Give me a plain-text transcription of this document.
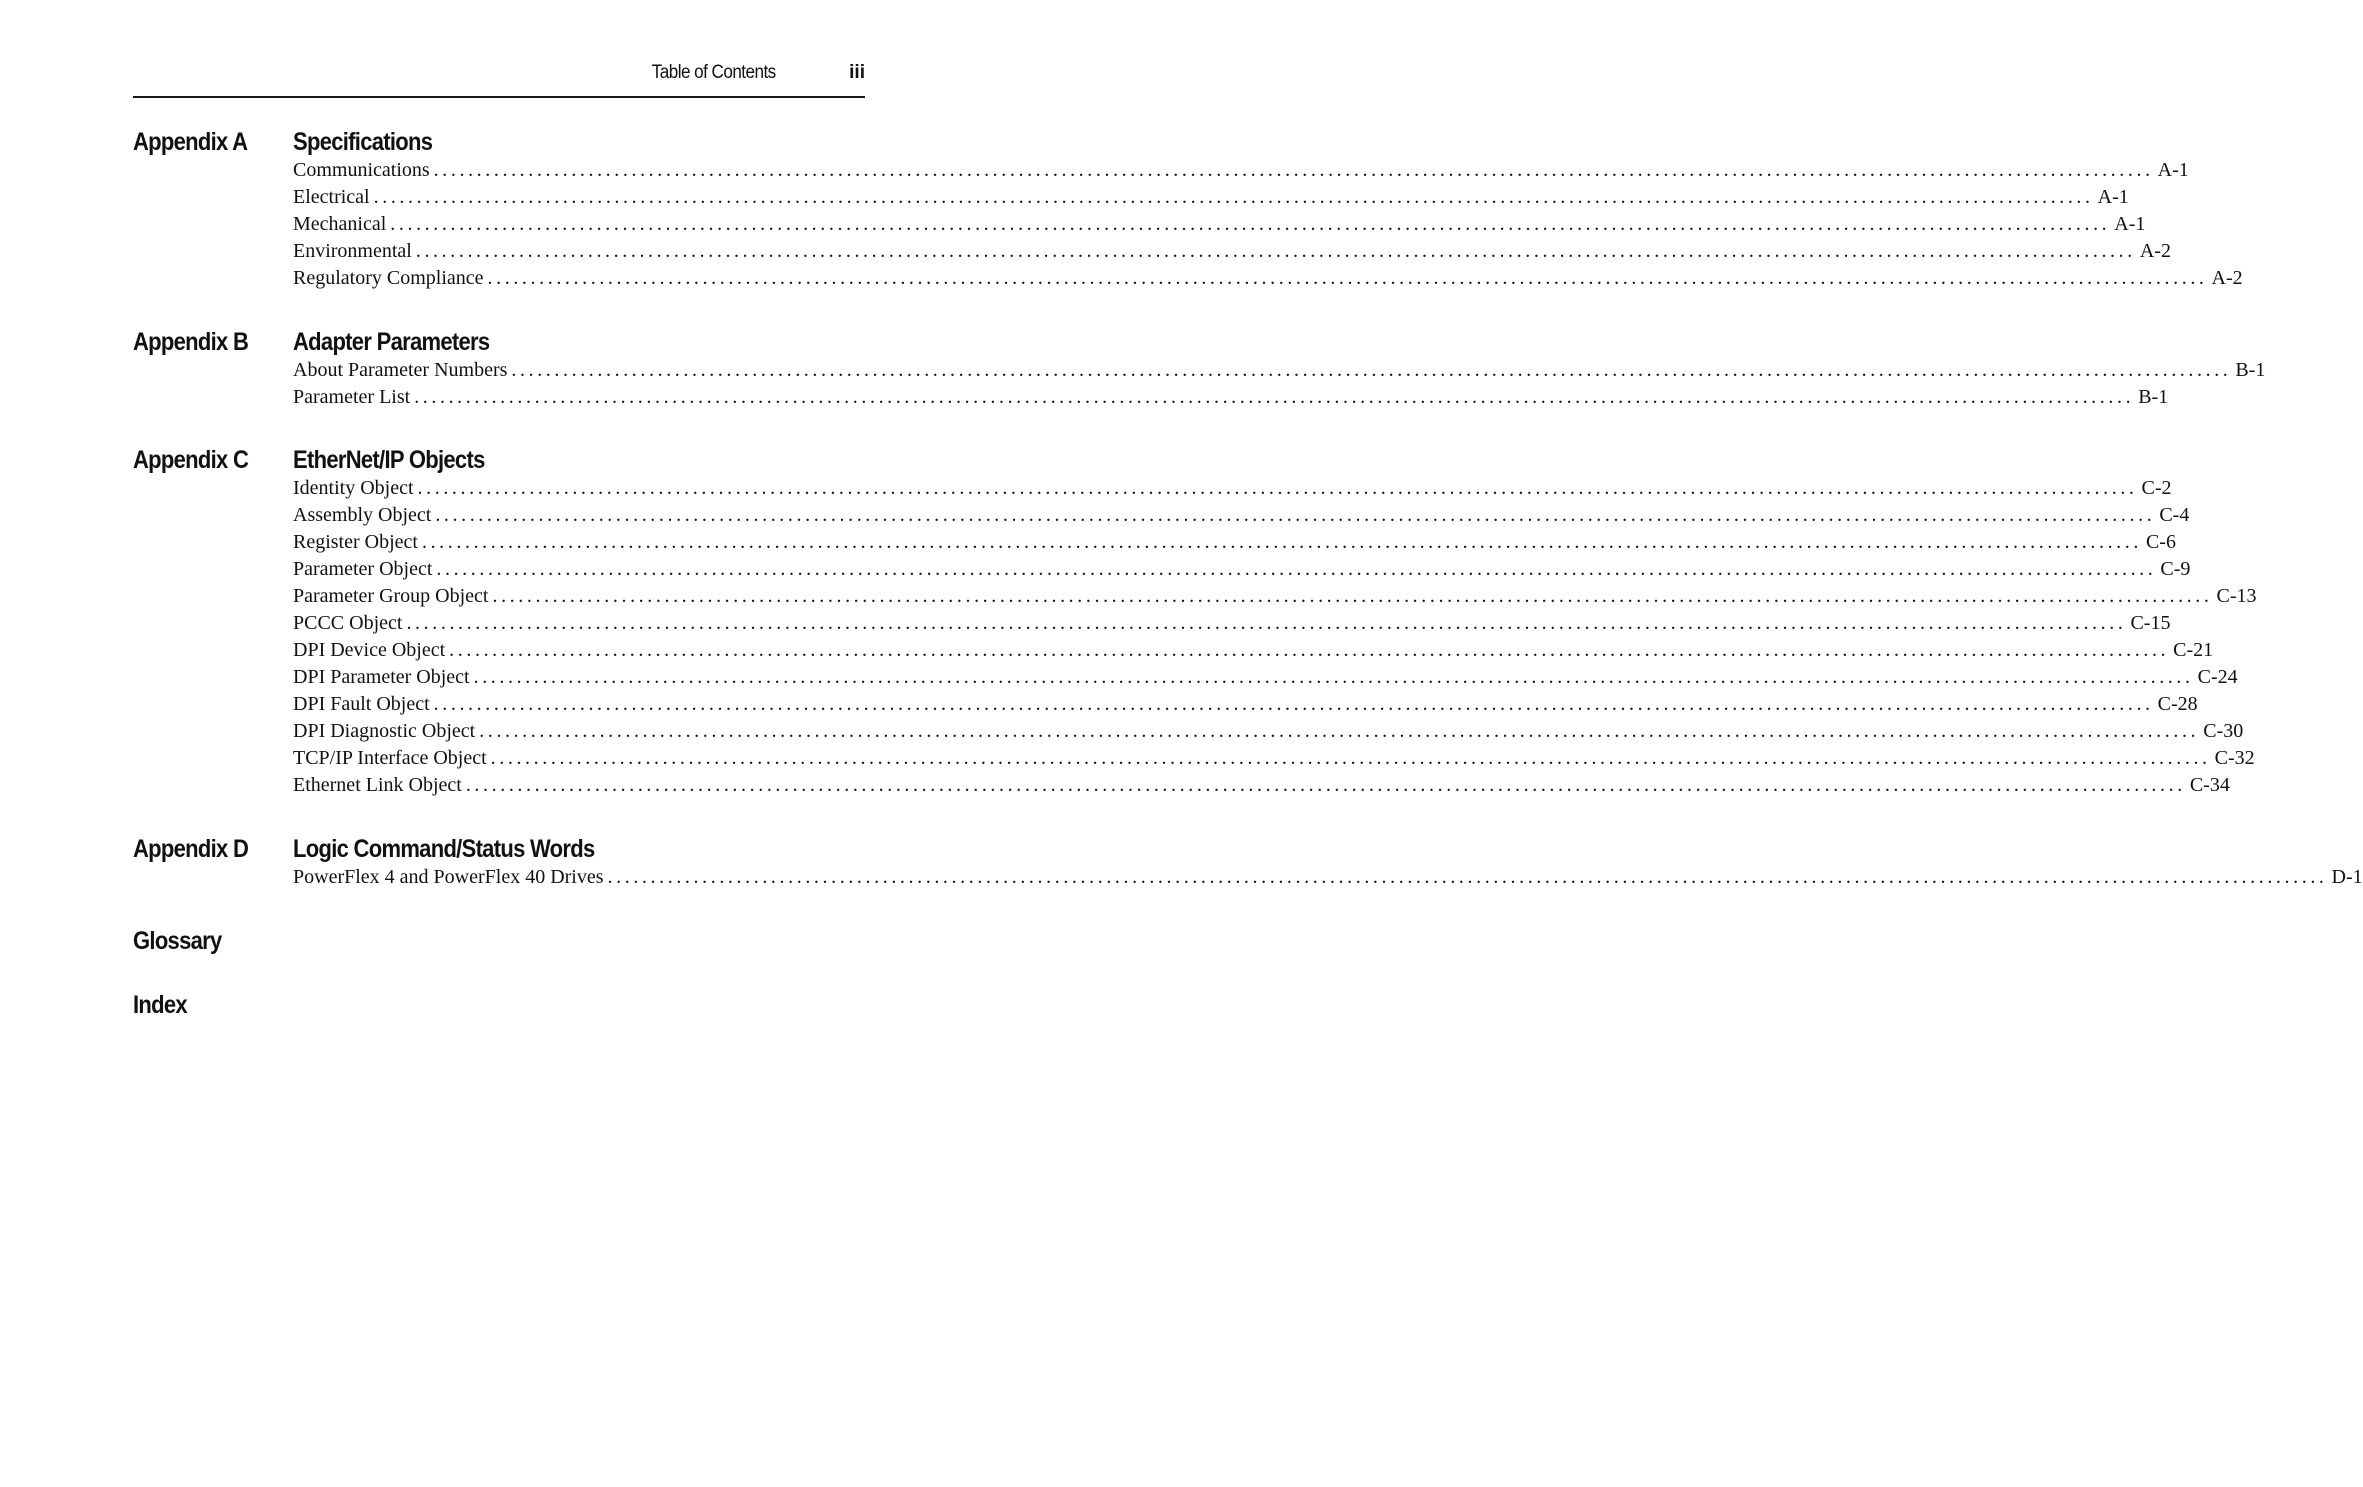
Table of Contents	iii
Appendix A Specifications
Communications ........................................................................................................................................................................................................ A-1
Electrical ........................................................................................................................................................................................................ A-1
Mechanical ........................................................................................................................................................................................................ A-1
Environmental ........................................................................................................................................................................................................ A-2
Regulatory Compliance ........................................................................................................................................................................................................ A-2
Appendix B Adapter Parameters
About Parameter Numbers ........................................................................................................................................................................................................ B-1
Parameter List ........................................................................................................................................................................................................ B-1
Appendix C EtherNet/IP Objects
Identity Object ........................................................................................................................................................................................................ C-2
Assembly Object ........................................................................................................................................................................................................ C-4
Register Object ........................................................................................................................................................................................................ C-6
Parameter Object ........................................................................................................................................................................................................ C-9
Parameter Group Object ........................................................................................................................................................................................................ C-13
PCCC Object ........................................................................................................................................................................................................ C-15
DPI Device Object ........................................................................................................................................................................................................ C-21
DPI Parameter Object ........................................................................................................................................................................................................ C-24
DPI Fault Object ........................................................................................................................................................................................................ C-28
DPI Diagnostic Object ........................................................................................................................................................................................................ C-30
TCP/IP Interface Object ........................................................................................................................................................................................................ C-32
Ethernet Link Object ........................................................................................................................................................................................................ C-34
Appendix D Logic Command/Status Words
PowerFlex 4 and PowerFlex 40 Drives ........................................................................................................................................................................................................ D-1
Glossary
Index
